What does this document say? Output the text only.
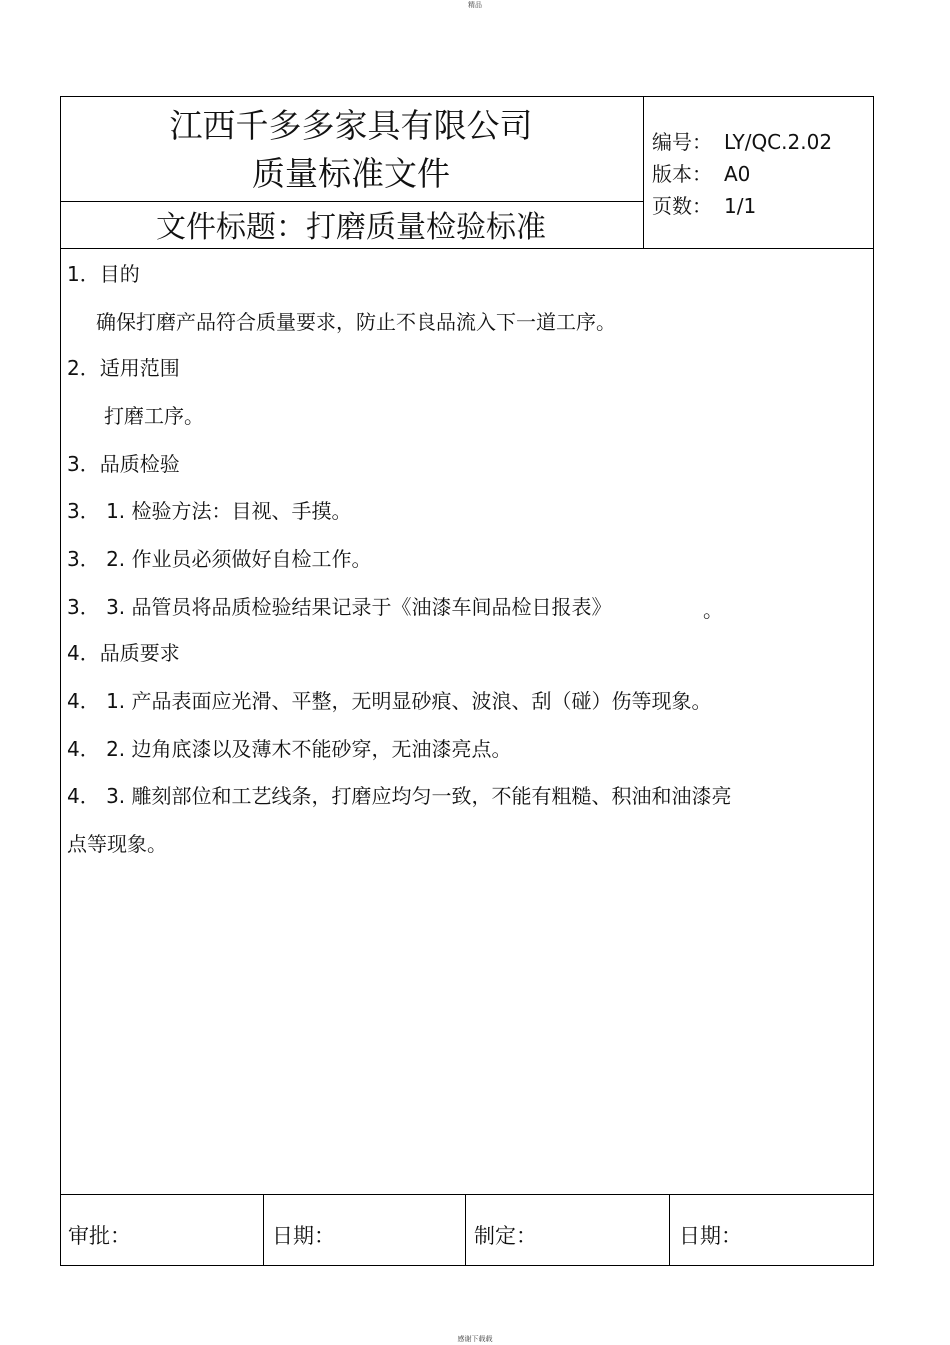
精品
江西千多多家具有限公司
质量标准文件
文件标题：打磨质量检验标准
编号： LY/QC.2.02
版本： A0
页数： 1/1
1．目的
确保打磨产品符合质量要求，防止不良品流入下一道工序。
2．适用范围
打磨工序。
3．品质检验
3． 1. 检验方法：目视、手摸。
3． 2. 作业员必须做好自检工作。
3． 3. 品管员将品质检验结果记录于《油漆车间品检日报表》	。
4．品质要求
4． 1. 产品表面应光滑、平整，无明显砂痕、波浪、刮（碰）伤等现象。
4． 2. 边角底漆以及薄木不能砂穿，无油漆亮点。
4． 3. 雕刻部位和工艺线条，打磨应均匀一致，不能有粗糙、积油和油漆亮
点等现象。
审批：	日期：	制定：	日期：
感谢下载载
